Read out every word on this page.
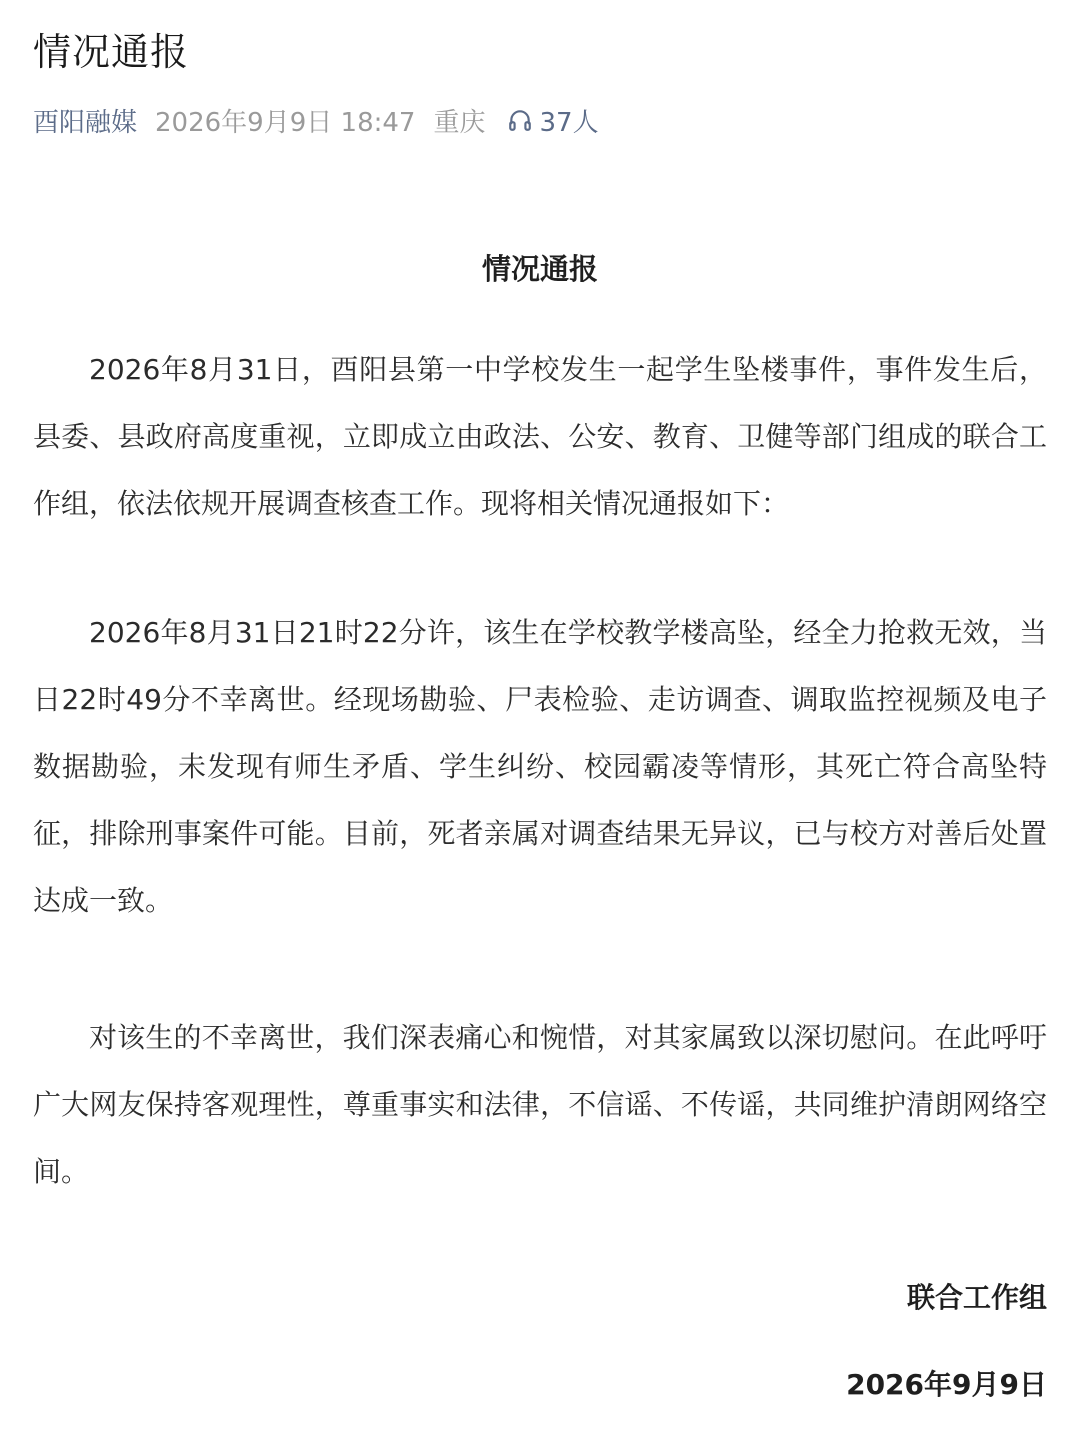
情况通报
酉阳融媒 2026年9月9日 18:47 重庆 37人
情况通报

2026年8月31日，酉阳县第一中学校发生一起学生坠楼事件，事件发生后，县委、县政府高度重视，立即成立由政法、公安、教育、卫健等部门组成的联合工作组，依法依规开展调查核查工作。现将相关情况通报如下：

2026年8月31日21时22分许，该生在学校教学楼高坠，经全力抢救无效，当日22时49分不幸离世。经现场勘验、尸表检验、走访调查、调取监控视频及电子数据勘验，未发现有师生矛盾、学生纠纷、校园霸凌等情形，其死亡符合高坠特征，排除刑事案件可能。目前，死者亲属对调查结果无异议，已与校方对善后处置达成一致。

对该生的不幸离世，我们深表痛心和惋惜，对其家属致以深切慰问。在此呼吁广大网友保持客观理性，尊重事实和法律，不信谣、不传谣，共同维护清朗网络空间。

联合工作组

2026年9月9日
